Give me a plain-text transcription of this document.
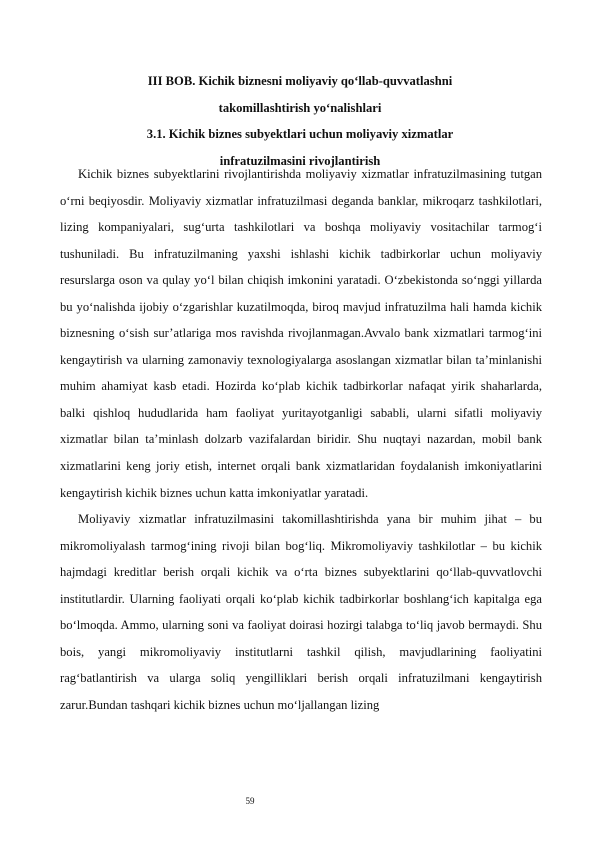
III BOB. Kichik biznesni moliyaviy qo‘llab-quvvatlashni
takomillashtirish yo‘nalishlari
3.1. Kichik biznes subyektlari uchun moliyaviy xizmatlar
infratuzilmasini rivojlantirish

Kichik biznes subyektlarini rivojlantirishda moliyaviy xizmatlar infratuzilmasining tutgan o‘rni beqiyosdir. Moliyaviy xizmatlar infratuzilmasi deganda banklar, mikroqarz tashkilotlari, lizing kompaniyalari, sug‘urta tashkilotlari va boshqa moliyaviy vositachilar tarmog‘i tushuniladi. Bu infratuzilmaning yaxshi ishlashi kichik tadbirkorlar uchun moliyaviy resurslarga oson va qulay yo‘l bilan chiqish imkonini yaratadi. O‘zbekistonda so‘nggi yillarda bu yo‘nalishda ijobiy o‘zgarishlar kuzatilmoqda, biroq mavjud infratuzilma hali hamda kichik biznesning o‘sish sur’atlariga mos ravishda rivojlanmagan.Avvalo bank xizmatlari tarmog‘ini kengaytirish va ularning zamonaviy texnologiyalarga asoslangan xizmatlar bilan ta’minlanishi muhim ahamiyat kasb etadi. Hozirda ko‘plab kichik tadbirkorlar nafaqat yirik shaharlarda, balki qishloq hududlarida ham faoliyat yuritayotganligi sababli, ularni sifatli moliyaviy xizmatlar bilan ta’minlash dolzarb vazifalardan biridir. Shu nuqtayi nazardan, mobil bank xizmatlarini keng joriy etish, internet orqali bank xizmatlaridan foydalanish imkoniyatlarini kengaytirish kichik biznes uchun katta imkoniyatlar yaratadi.

Moliyaviy xizmatlar infratuzilmasini takomillashtirishda yana bir muhim jihat – bu mikromoliyalash tarmog‘ining rivoji bilan bog‘liq. Mikromoliyaviy tashkilotlar – bu kichik hajmdagi kreditlar berish orqali kichik va o‘rta biznes subyektlarini qo‘llab-quvvatlovchi institutlardir. Ularning faoliyati orqali ko‘plab kichik tadbirkorlar boshlang‘ich kapitalga ega bo‘lmoqda. Ammo, ularning soni va faoliyat doirasi hozirgi talabga to‘liq javob bermaydi. Shu bois, yangi mikromoliyaviy institutlarni tashkil qilish, mavjudlarining faoliyatini rag‘batlantirish va ularga soliq yengilliklari berish orqali infratuzilmani kengaytirish zarur.Bundan tashqari kichik biznes uchun mo‘ljallangan lizing

59
